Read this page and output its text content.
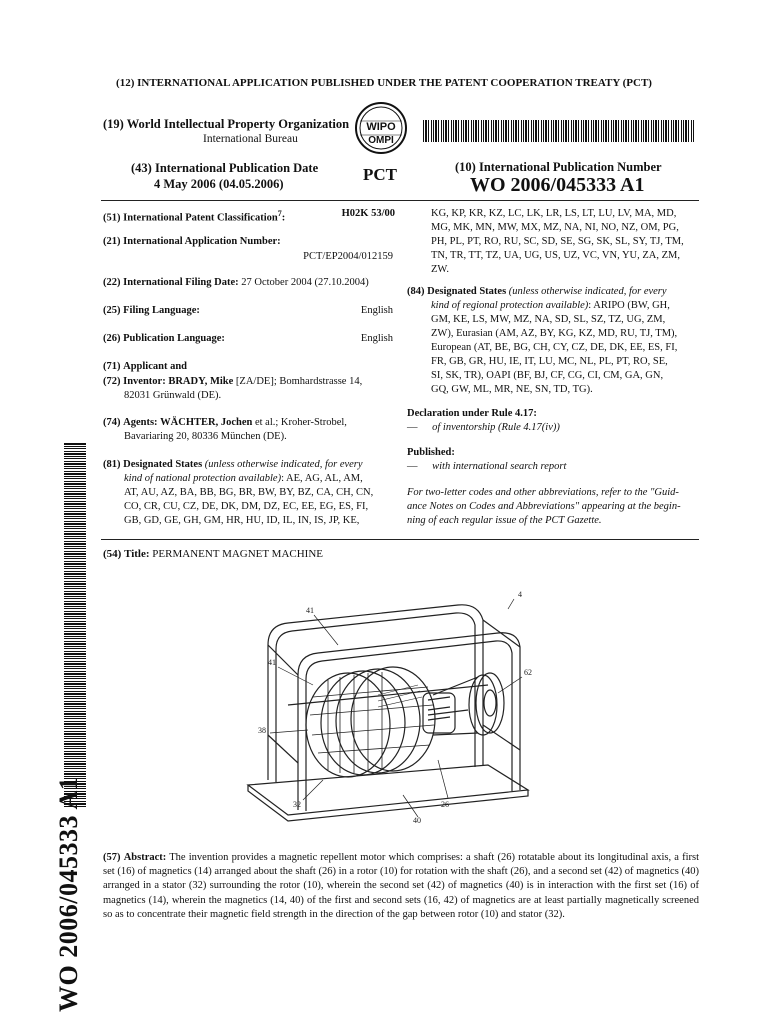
(12) INTERNATIONAL APPLICATION PUBLISHED UNDER THE PATENT COOPERATION TREATY (PCT)
(19) World Intellectual Property Organization
International Bureau
WIPO
OMPI
(43) International Publication Date
4 May 2006 (04.05.2006)	PCT	(10) International Publication Number
WO 2006/045333 A1
(51) International Patent Classification$^7$:	H02K 53/00
(21) International Application Number:
PCT/EP2004/012159
(22) International Filing Date: 27 October 2004 (27.10.2004)
(25) Filing Language:	English
(26) Publication Language:	English
(71) Applicant and
(72) Inventor: BRADY, Mike [ZA/DE]; Bomhardstrasse 14,
82031 Grünwald (DE).
(74) Agents: WÄCHTER, Jochen et al.; Kroher-Strobel,
Bavariaring 20, 80336 München (DE).
(81) Designated States (unless otherwise indicated, for every
kind of national protection available): AE, AG, AL, AM,
AT, AU, AZ, BA, BB, BG, BR, BW, BY, BZ, CA, CH, CN,
CO, CR, CU, CZ, DE, DK, DM, DZ, EC, EE, EG, ES, FI,
GB, GD, GE, GH, GM, HR, HU, ID, IL, IN, IS, JP, KE,
KG, KP, KR, KZ, LC, LK, LR, LS, LT, LU, LV, MA, MD,
MG, MK, MN, MW, MX, MZ, NA, NI, NO, NZ, OM, PG,
PH, PL, PT, RO, RU, SC, SD, SE, SG, SK, SL, SY, TJ, TM,
TN, TR, TT, TZ, UA, UG, US, UZ, VC, VN, YU, ZA, ZM,
ZW.
(84) Designated States (unless otherwise indicated, for every
kind of regional protection available): ARIPO (BW, GH,
GM, KE, LS, MW, MZ, NA, SD, SL, SZ, TZ, UG, ZM,
ZW), Eurasian (AM, AZ, BY, KG, KZ, MD, RU, TJ, TM),
European (AT, BE, BG, CH, CY, CZ, DE, DK, EE, ES, FI,
FR, GB, GR, HU, IE, IT, LU, MC, NL, PL, PT, RO, SE,
SI, SK, TR), OAPI (BF, BJ, CF, CG, CI, CM, GA, GN,
GQ, GW, ML, MR, NE, SN, TD, TG).
Declaration under Rule 4.17:
— of inventorship (Rule 4.17(iv))
Published:
— with international search report
For two-letter codes and other abbreviations, refer to the "Guid-
ance Notes on Codes and Abbreviations" appearing at the begin-
ning of each regular issue of the PCT Gazette.
(54) Title: PERMANENT MAGNET MACHINE
WO 2006/045333 A1
41
41
4
62
38
32	26
40
(57) Abstract: The invention provides a magnetic repellent motor which comprises: a shaft (26) rotatable about its longitudinal axis, a first set (16) of magnetics (14) arranged about the shaft (26) in a rotor (10) for rotation with the shaft (26), and a second set (42) of magnetics (40) arranged in a stator (32) surrounding the rotor (10), wherein the second set (42) of magnetics (40) is in interaction with the first set (16) of magnetics (14), wherein the magnetics (14, 40) of the first and second sets (16, 42) of magnetics are at least partially magnetically screened so as to concentrate their magnetic field strength in the direction of the gap between rotor (10) and stator (32).
